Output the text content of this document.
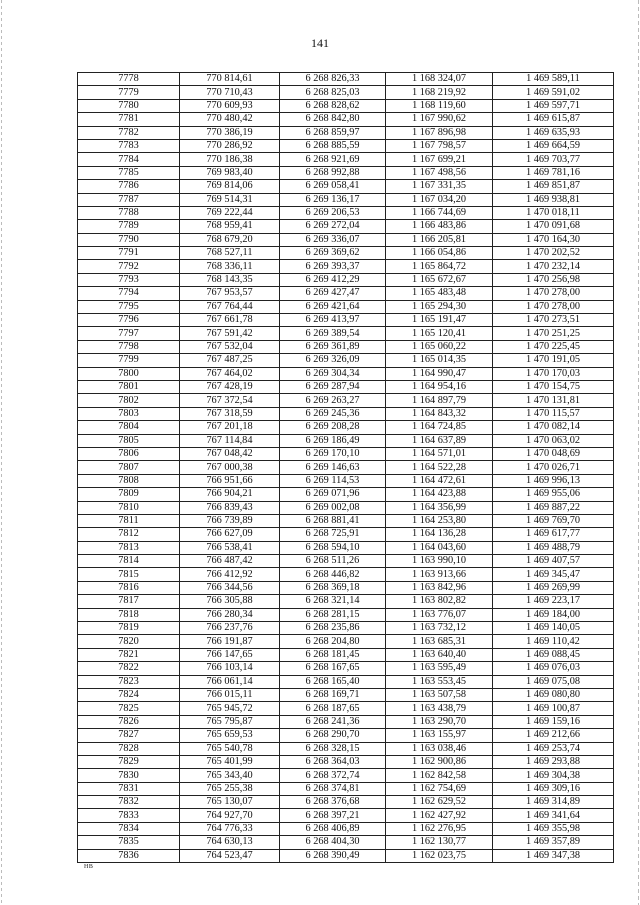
141
7778	770 814,61	6 268 826,33	1 168 324,07	1 469 589,11
7779	770 710,43	6 268 825,03	1 168 219,92	1 469 591,02
7780	770 609,93	6 268 828,62	1 168 119,60	1 469 597,71
7781	770 480,42	6 268 842,80	1 167 990,62	1 469 615,87
7782	770 386,19	6 268 859,97	1 167 896,98	1 469 635,93
7783	770 286,92	6 268 885,59	1 167 798,57	1 469 664,59
7784	770 186,38	6 268 921,69	1 167 699,21	1 469 703,77
7785	769 983,40	6 268 992,88	1 167 498,56	1 469 781,16
7786	769 814,06	6 269 058,41	1 167 331,35	1 469 851,87
7787	769 514,31	6 269 136,17	1 167 034,20	1 469 938,81
7788	769 222,44	6 269 206,53	1 166 744,69	1 470 018,11
7789	768 959,41	6 269 272,04	1 166 483,86	1 470 091,68
7790	768 679,20	6 269 336,07	1 166 205,81	1 470 164,30
7791	768 527,11	6 269 369,62	1 166 054,86	1 470 202,52
7792	768 336,11	6 269 393,37	1 165 864,72	1 470 232,14
7793	768 143,35	6 269 412,29	1 165 672,67	1 470 256,98
7794	767 953,57	6 269 427,47	1 165 483,48	1 470 278,00
7795	767 764,44	6 269 421,64	1 165 294,30	1 470 278,00
7796	767 661,78	6 269 413,97	1 165 191,47	1 470 273,51
7797	767 591,42	6 269 389,54	1 165 120,41	1 470 251,25
7798	767 532,04	6 269 361,89	1 165 060,22	1 470 225,45
7799	767 487,25	6 269 326,09	1 165 014,35	1 470 191,05
7800	767 464,02	6 269 304,34	1 164 990,47	1 470 170,03
7801	767 428,19	6 269 287,94	1 164 954,16	1 470 154,75
7802	767 372,54	6 269 263,27	1 164 897,79	1 470 131,81
7803	767 318,59	6 269 245,36	1 164 843,32	1 470 115,57
7804	767 201,18	6 269 208,28	1 164 724,85	1 470 082,14
7805	767 114,84	6 269 186,49	1 164 637,89	1 470 063,02
7806	767 048,42	6 269 170,10	1 164 571,01	1 470 048,69
7807	767 000,38	6 269 146,63	1 164 522,28	1 470 026,71
7808	766 951,66	6 269 114,53	1 164 472,61	1 469 996,13
7809	766 904,21	6 269 071,96	1 164 423,88	1 469 955,06
7810	766 839,43	6 269 002,08	1 164 356,99	1 469 887,22
7811	766 739,89	6 268 881,41	1 164 253,80	1 469 769,70
7812	766 627,09	6 268 725,91	1 164 136,28	1 469 617,77
7813	766 538,41	6 268 594,10	1 164 043,60	1 469 488,79
7814	766 487,42	6 268 511,26	1 163 990,10	1 469 407,57
7815	766 412,92	6 268 446,82	1 163 913,66	1 469 345,47
7816	766 344,56	6 268 369,18	1 163 842,96	1 469 269,99
7817	766 305,88	6 268 321,14	1 163 802,82	1 469 223,17
7818	766 280,34	6 268 281,15	1 163 776,07	1 469 184,00
7819	766 237,76	6 268 235,86	1 163 732,12	1 469 140,05
7820	766 191,87	6 268 204,80	1 163 685,31	1 469 110,42
7821	766 147,65	6 268 181,45	1 163 640,40	1 469 088,45
7822	766 103,14	6 268 167,65	1 163 595,49	1 469 076,03
7823	766 061,14	6 268 165,40	1 163 553,45	1 469 075,08
7824	766 015,11	6 268 169,71	1 163 507,58	1 469 080,80
7825	765 945,72	6 268 187,65	1 163 438,79	1 469 100,87
7826	765 795,87	6 268 241,36	1 163 290,70	1 469 159,16
7827	765 659,53	6 268 290,70	1 163 155,97	1 469 212,66
7828	765 540,78	6 268 328,15	1 163 038,46	1 469 253,74
7829	765 401,99	6 268 364,03	1 162 900,86	1 469 293,88
7830	765 343,40	6 268 372,74	1 162 842,58	1 469 304,38
7831	765 255,38	6 268 374,81	1 162 754,69	1 469 309,16
7832	765 130,07	6 268 376,68	1 162 629,52	1 469 314,89
7833	764 927,70	6 268 397,21	1 162 427,92	1 469 341,64
7834	764 776,33	6 268 406,89	1 162 276,95	1 469 355,98
7835	764 630,13	6 268 404,30	1 162 130,77	1 469 357,89
7836	764 523,47	6 268 390,49	1 162 023,75	1 469 347,38
HB
